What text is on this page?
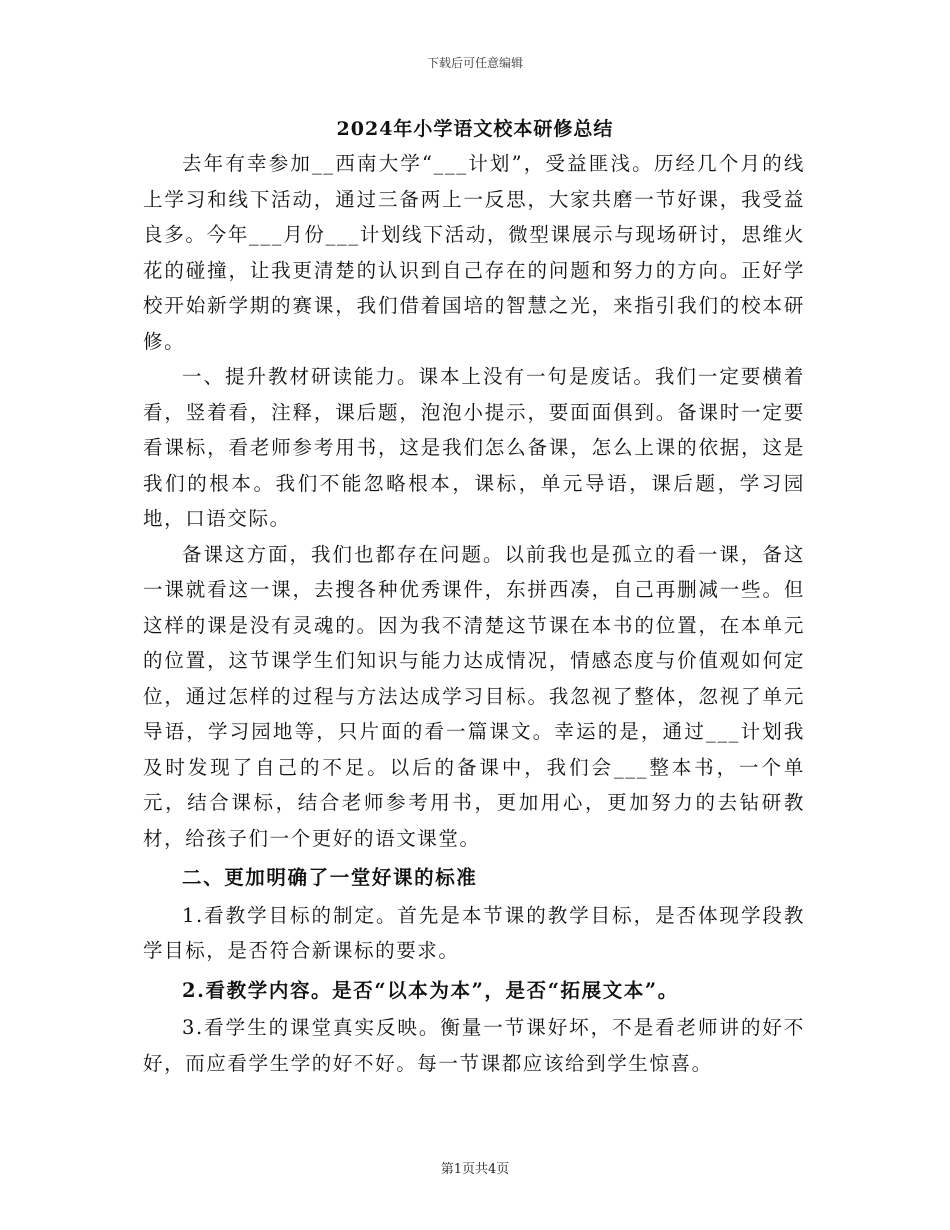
下载后可任意编辑
2024年小学语文校本研修总结

去年有幸参加__西南大学“___计划”，受益匪浅。历经几个月的线上学习和线下活动，通过三备两上一反思，大家共磨一节好课，我受益良多。今年___月份___计划线下活动，微型课展示与现场研讨，思维火花的碰撞，让我更清楚的认识到自己存在的问题和努力的方向。正好学校开始新学期的赛课，我们借着国培的智慧之光，来指引我们的校本研修。

一、提升教材研读能力。课本上没有一句是废话。我们一定要横着看，竖着看，注释，课后题，泡泡小提示，要面面俱到。备课时一定要看课标，看老师参考用书，这是我们怎么备课，怎么上课的依据，这是我们的根本。我们不能忽略根本，课标，单元导语，课后题，学习园地，口语交际。

备课这方面，我们也都存在问题。以前我也是孤立的看一课，备这一课就看这一课，去搜各种优秀课件，东拼西凑，自己再删减一些。但这样的课是没有灵魂的。因为我不清楚这节课在本书的位置，在本单元的位置，这节课学生们知识与能力达成情况，情感态度与价值观如何定位，通过怎样的过程与方法达成学习目标。我忽视了整体，忽视了单元导语，学习园地等，只片面的看一篇课文。幸运的是，通过___计划我及时发现了自己的不足。以后的备课中，我们会___整本书，一个单元，结合课标，结合老师参考用书，更加用心，更加努力的去钻研教材，给孩子们一个更好的语文课堂。

二、更加明确了一堂好课的标准

1.看教学目标的制定。首先是本节课的教学目标，是否体现学段教学目标，是否符合新课标的要求。

2.看教学内容。是否“以本为本”，是否“拓展文本”。

3.看学生的课堂真实反映。衡量一节课好坏，不是看老师讲的好不好，而应看学生学的好不好。每一节课都应该给到学生惊喜。

第1页共4页
